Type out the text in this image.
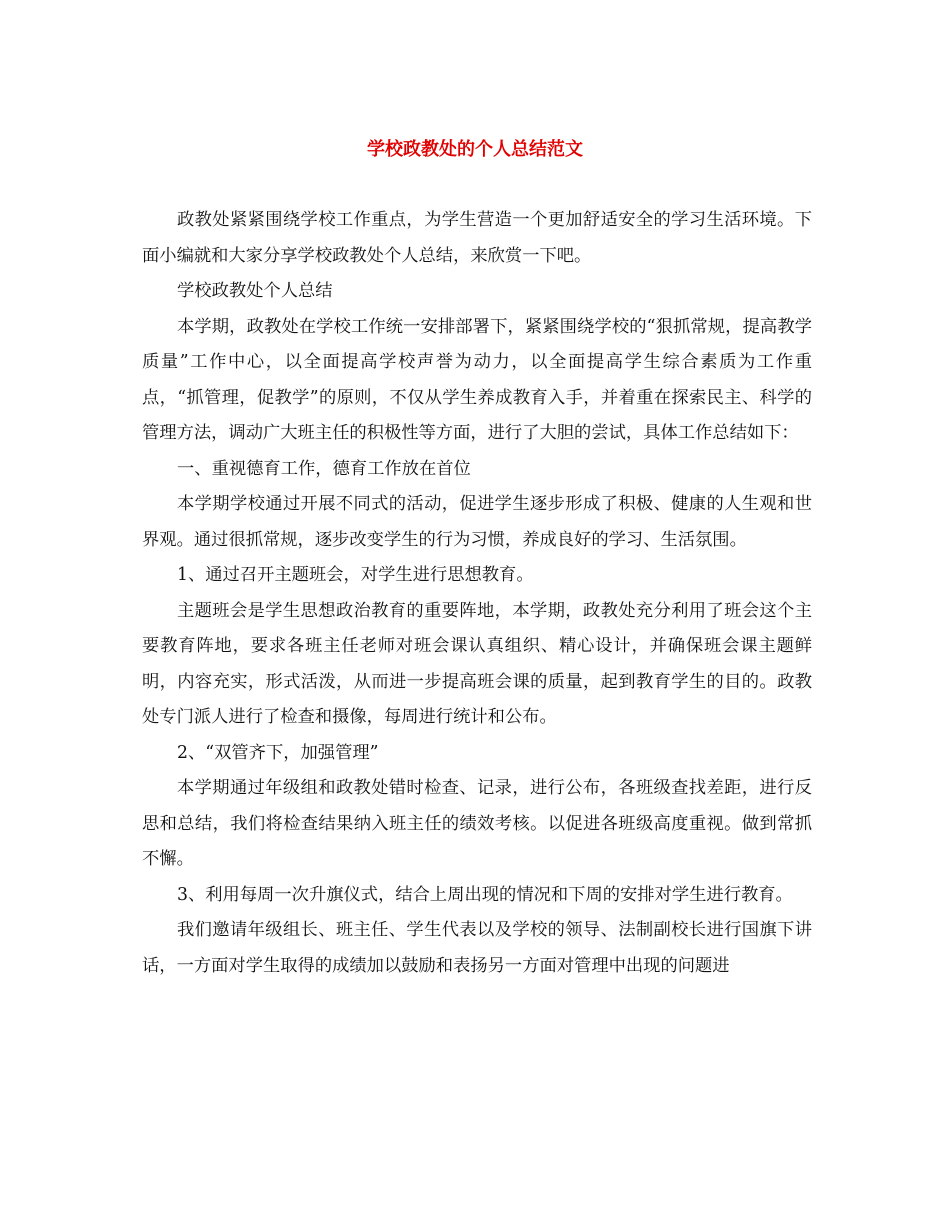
学校政教处的个人总结范文

政教处紧紧围绕学校工作重点，为学生营造一个更加舒适安全的学习生活环境。下面小编就和大家分享学校政教处个人总结，来欣赏一下吧。

学校政教处个人总结

本学期，政教处在学校工作统一安排部署下，紧紧围绕学校的“狠抓常规，提高教学质量”工作中心，以全面提高学校声誉为动力，以全面提高学生综合素质为工作重点，“抓管理，促教学”的原则，不仅从学生养成教育入手，并着重在探索民主、科学的管理方法，调动广大班主任的积极性等方面，进行了大胆的尝试，具体工作总结如下：

一、重视德育工作，德育工作放在首位

本学期学校通过开展不同式的活动，促进学生逐步形成了积极、健康的人生观和世界观。通过很抓常规，逐步改变学生的行为习惯，养成良好的学习、生活氛围。

1、通过召开主题班会，对学生进行思想教育。

主题班会是学生思想政治教育的重要阵地，本学期，政教处充分利用了班会这个主要教育阵地，要求各班主任老师对班会课认真组织、精心设计，并确保班会课主题鲜明，内容充实，形式活泼，从而进一步提高班会课的质量，起到教育学生的目的。政教处专门派人进行了检查和摄像，每周进行统计和公布。

2、“双管齐下，加强管理”

本学期通过年级组和政教处错时检查、记录，进行公布，各班级查找差距，进行反思和总结，我们将检查结果纳入班主任的绩效考核。以促进各班级高度重视。做到常抓不懈。

3、利用每周一次升旗仪式，结合上周出现的情况和下周的安排对学生进行教育。

我们邀请年级组长、班主任、学生代表以及学校的领导、法制副校长进行国旗下讲话，一方面对学生取得的成绩加以鼓励和表扬另一方面对管理中出现的问题进
